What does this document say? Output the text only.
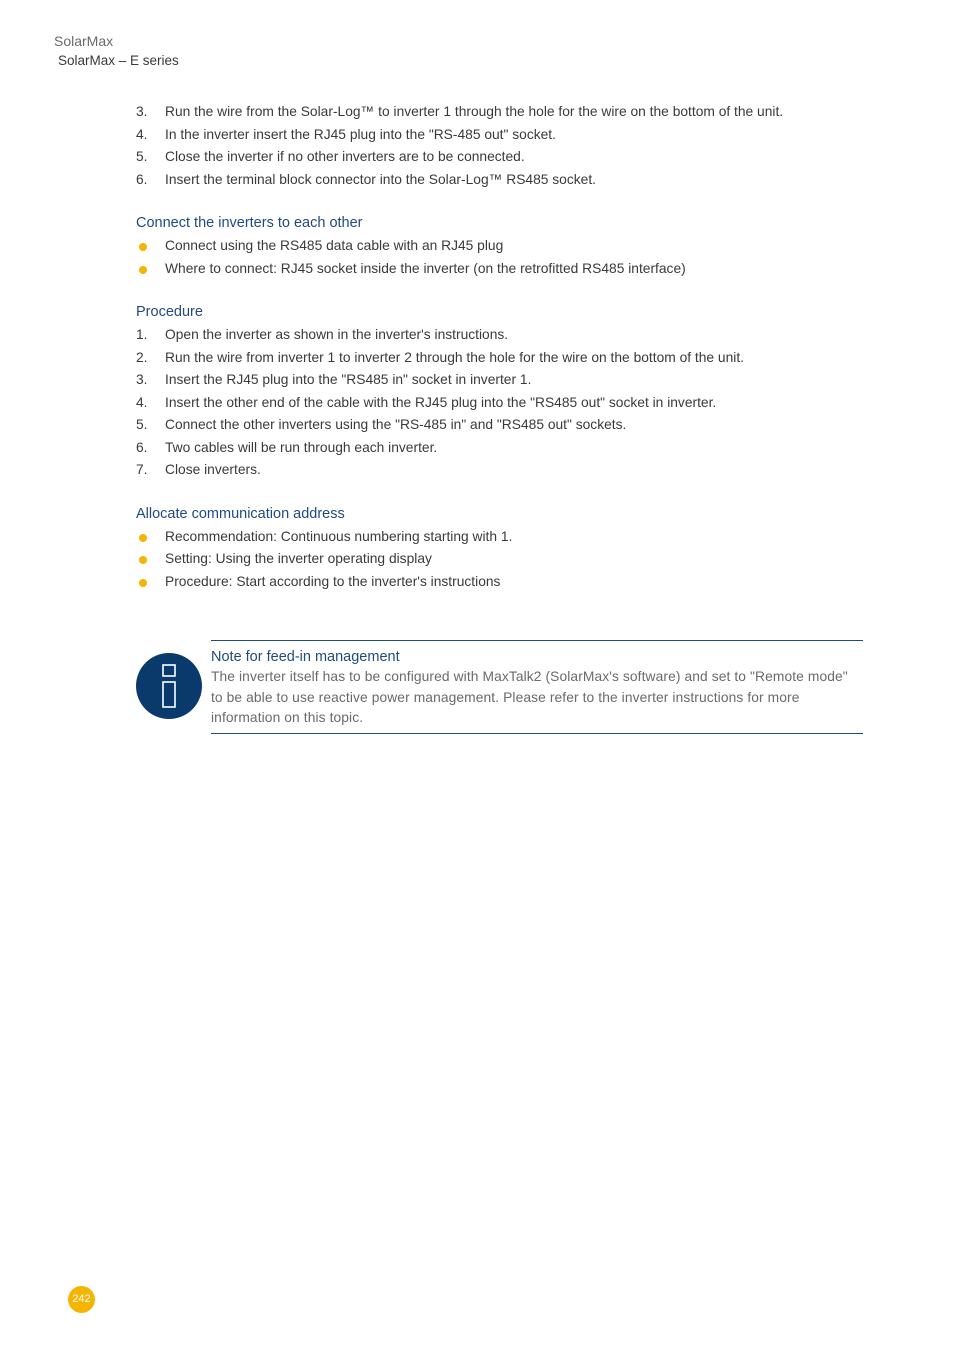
SolarMax
SolarMax – E series
3. Run the wire from the Solar-Log™ to inverter 1 through the hole for the wire on the bottom of the unit.
4. In the inverter insert the RJ45 plug into the "RS-485 out" socket.
5. Close the inverter if no other inverters are to be connected.
6. Insert the terminal block connector into the Solar-Log™ RS485 socket.
Connect the inverters to each other
Connect using the RS485 data cable with an RJ45 plug
Where to connect: RJ45 socket inside the inverter (on the retrofitted RS485 interface)
Procedure
1. Open the inverter as shown in the inverter's instructions.
2. Run the wire from inverter 1 to inverter 2 through the hole for the wire on the bottom of the unit.
3. Insert the RJ45 plug into the "RS485 in" socket in inverter 1.
4. Insert the other end of the cable with the RJ45 plug into the "RS485 out" socket in inverter.
5. Connect the other inverters using the "RS-485 in" and "RS485 out" sockets.
6. Two cables will be run through each inverter.
7. Close inverters.
Allocate communication address
Recommendation: Continuous numbering starting with 1.
Setting: Using the inverter operating display
Procedure: Start according to the inverter's instructions
Note for feed-in management
The inverter itself has to be configured with MaxTalk2 (SolarMax's software) and set to "Remote mode" to be able to use reactive power management. Please refer to the inverter instructions for more information on this topic.
242
